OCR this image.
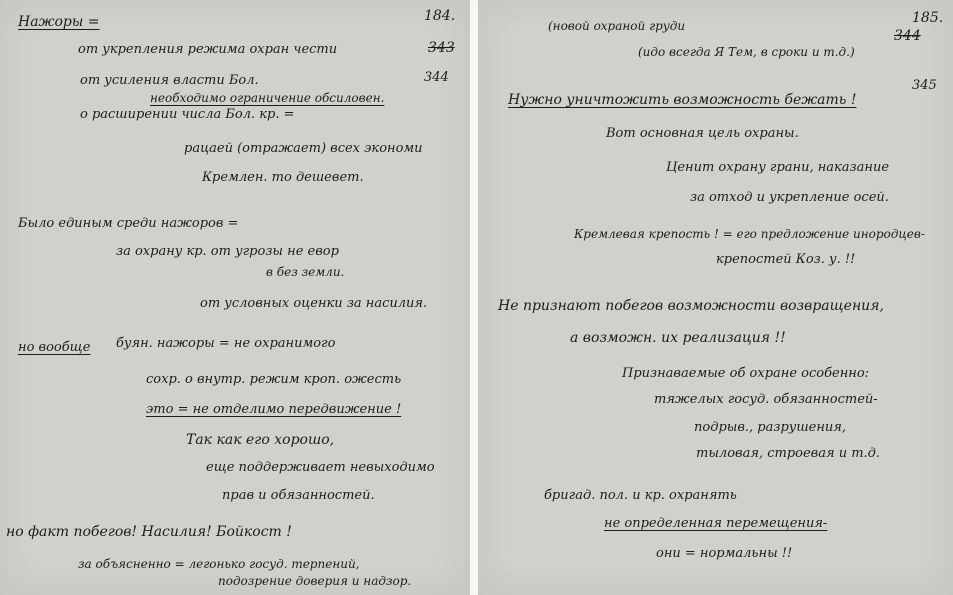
184.
343
344
Нажоры =
от укрепления режима охран чести
от усиления власти Бол.
необходимо ограничение обсиловен.
о расширении числа Бол. кр. =
рацаей (отражает) всех экономи
Кремлен. то дешевет.
Было единым среди нажоров =
за охрану кр. от угрозы не евор
в без земли.
от условных оценки за насилия.
но вообще буян. нажоры = не охранимого
сохр. о внутр. режим кроп. ожесть
это = не отделимо передвижение !
Так как его хорошо,
еще поддерживает невыходимо
прав и обязанностей.
но факт побегов! Насилия! Бойкост !
за объясненно = легонько госуд. терпений,
подозрение доверия и надзор.
185.
344
345
(новой охраной груди
(идо всегда Я Тем, в сроки и т.д.)
Нужно уничтожить возможность бежать !
Вот основная цель охраны.
Ценит охрану грани, наказание
за отход и укрепление осей.
Кремлевая крепость ! = его предложение инородцев-
крепостей Коз. у. !!
Не признают побегов возможности возвращения,
а возможн. их реализация !!
Признаваемые об охране особенно:
тяжелых госуд. обязанностей-
подрыв., разрушения,
тыловая, строевая и т.д.
бригад. пол. и кр. охранять
не определенная перемещения-
они = нормальны !!
